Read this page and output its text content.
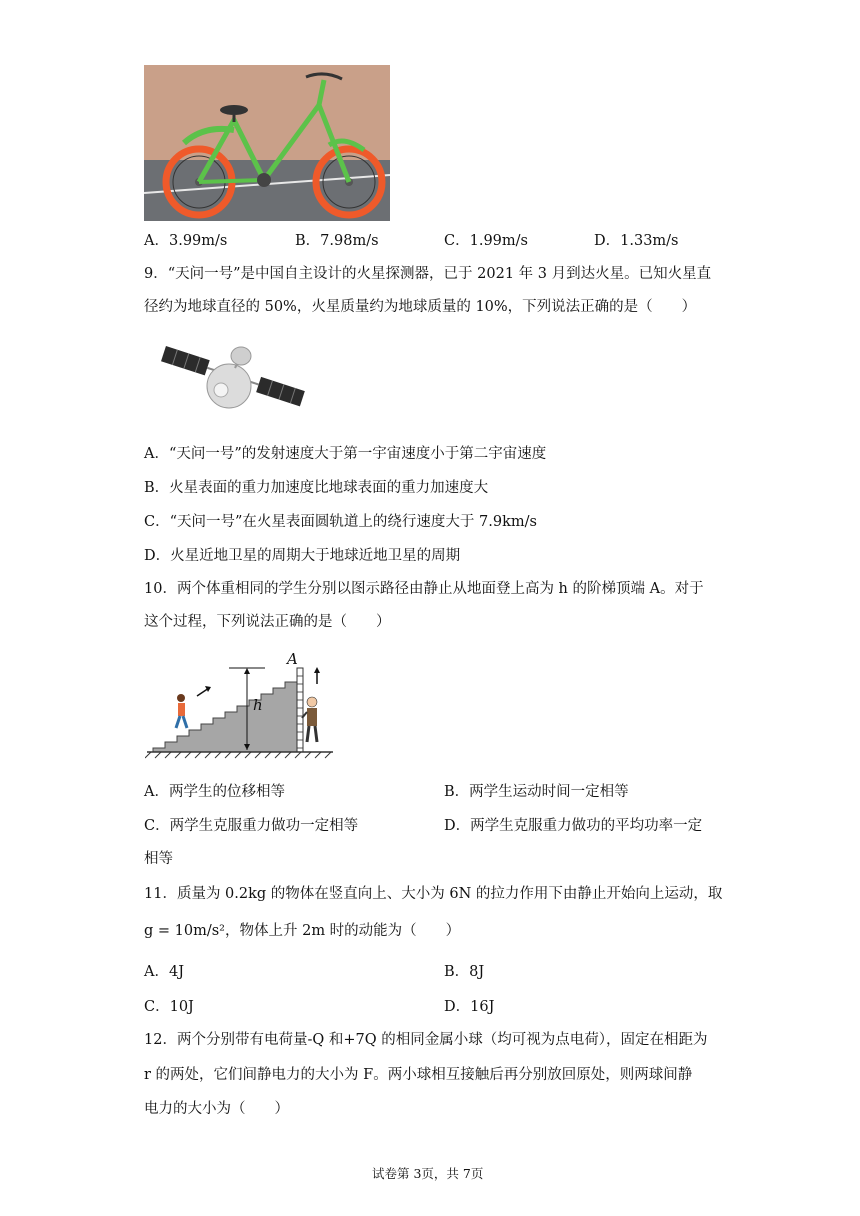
A．3.99m/s	B．7.98m/s	C．1.99m/s	D．1.33m/s
9．“天问一号”是中国自主设计的火星探测器，已于 2021 年 3 月到达火星。已知火星直
径约为地球直径的 50%，火星质量约为地球质量的 10%，下列说法正确的是（　　）
A．“天问一号”的发射速度大于第一宇宙速度小于第二宇宙速度
B．火星表面的重力加速度比地球表面的重力加速度大
C．“天问一号”在火星表面圆轨道上的绕行速度大于 7.9km/s
D．火星近地卫星的周期大于地球近地卫星的周期
10．两个体重相同的学生分别以图示路径由静止从地面登上高为 h 的阶梯顶端 A。对于
这个过程，下列说法正确的是（　　）
h
A
A．两学生的位移相等	B．两学生运动时间一定相等
C．两学生克服重力做功一定相等	D．两学生克服重力做功的平均功率一定
相等
11．质量为 0.2kg 的物体在竖直向上、大小为 6N 的拉力作用下由静止开始向上运动，取
g = 10m/s²，物体上升 2m 时的动能为（　　）
A．4J	B．8J
C．10J	D．16J
12．两个分别带有电荷量-Q 和+7Q 的相同金属小球（均可视为点电荷），固定在相距为
r 的两处，它们间静电力的大小为 F。两小球相互接触后再分别放回原处，则两球间静
电力的大小为（　　）
试卷第 3页，共 7页
